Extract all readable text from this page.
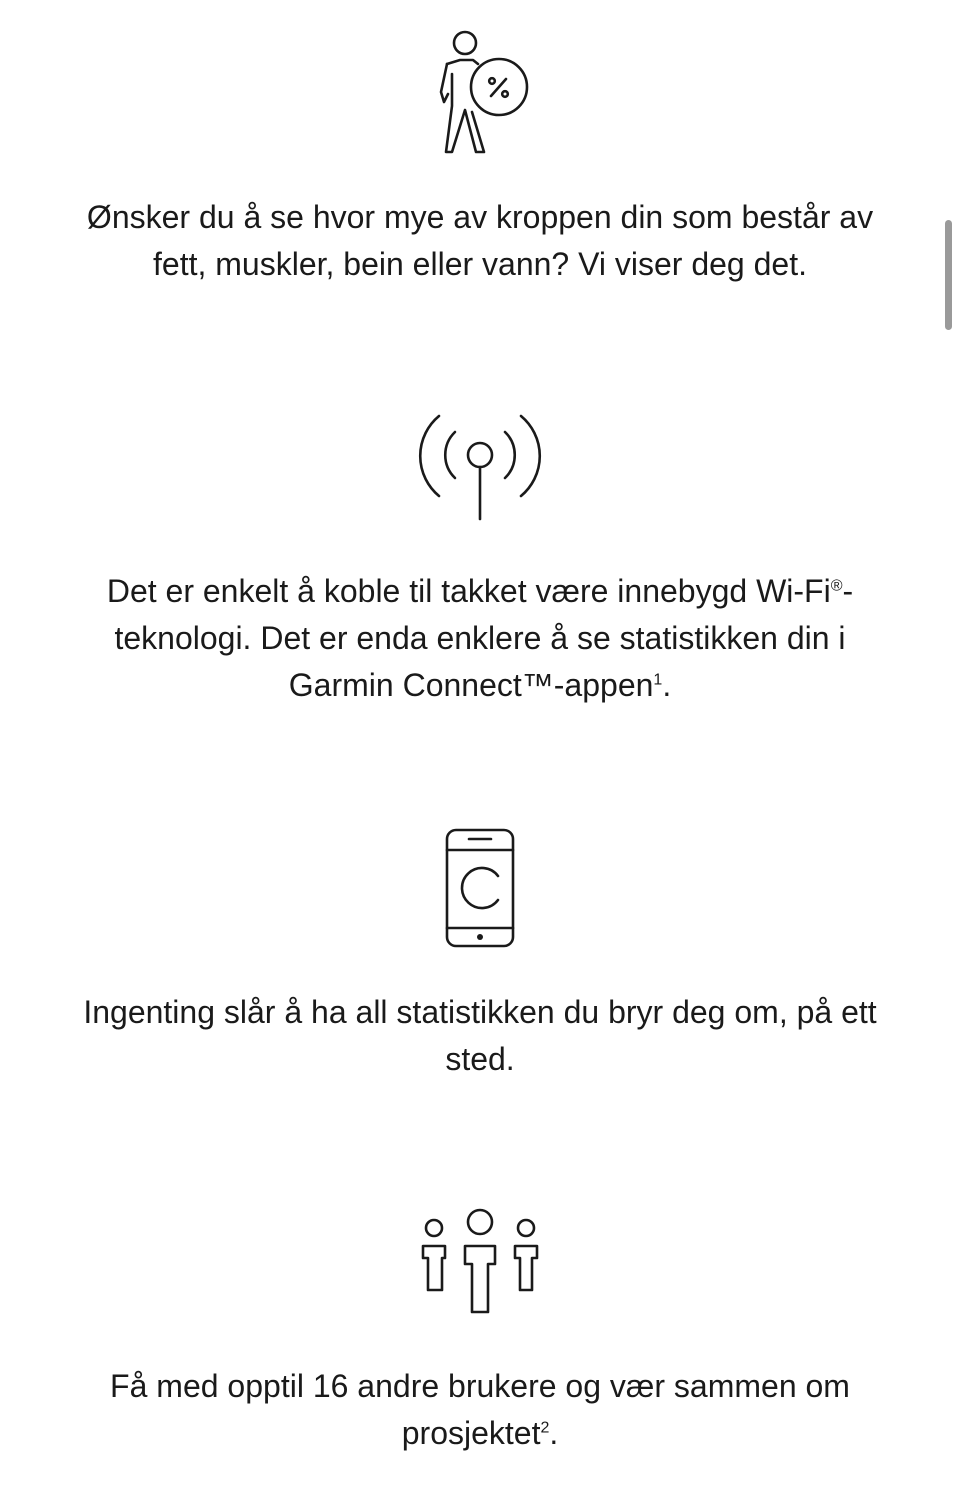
Ønsker du å se hvor mye av kroppen din som består av fett, muskler, bein eller vann? Vi viser deg det.

Det er enkelt å koble til takket være innebygd Wi-Fi®-
teknologi. Det er enda enklere å se statistikken din i
Garmin Connect™-appen$^1$.

Ingenting slår å ha all statistikken du bryr deg om, på ett sted.

Få med opptil 16 andre brukere og vær sammen om prosjektet$^2$.
